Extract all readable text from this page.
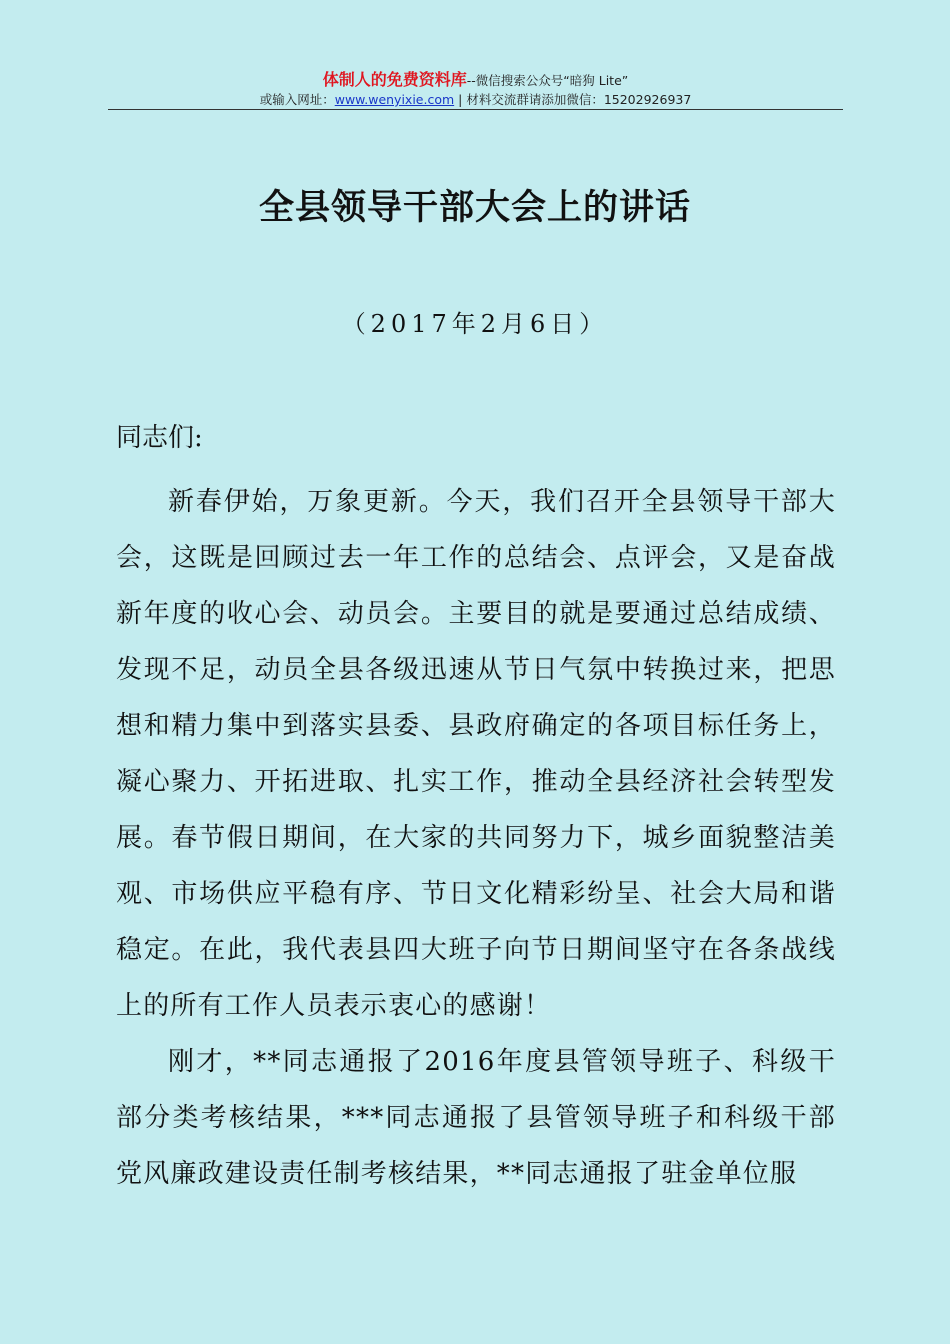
体制人的免费资料库--微信搜索公众号“暗狗 Lite”
或输入网址：www.wenyixie.com | 材料交流群请添加微信：15202926937
全县领导干部大会上的讲话
（2017年2月6日）
同志们:

新春伊始，万象更新。今天，我们召开全县领导干部大会，这既是回顾过去一年工作的总结会、点评会，又是奋战新年度的收心会、动员会。主要目的就是要通过总结成绩、发现不足，动员全县各级迅速从节日气氛中转换过来，把思想和精力集中到落实县委、县政府确定的各项目标任务上，凝心聚力、开拓进取、扎实工作，推动全县经济社会转型发展。春节假日期间，在大家的共同努力下，城乡面貌整洁美观、市场供应平稳有序、节日文化精彩纷呈、社会大局和谐稳定。在此，我代表县四大班子向节日期间坚守在各条战线上的所有工作人员表示衷心的感谢！

刚才，**同志通报了2016年度县管领导班子、科级干部分类考核结果，***同志通报了县管领导班子和科级干部党风廉政建设责任制考核结果，**同志通报了驻金单位服
